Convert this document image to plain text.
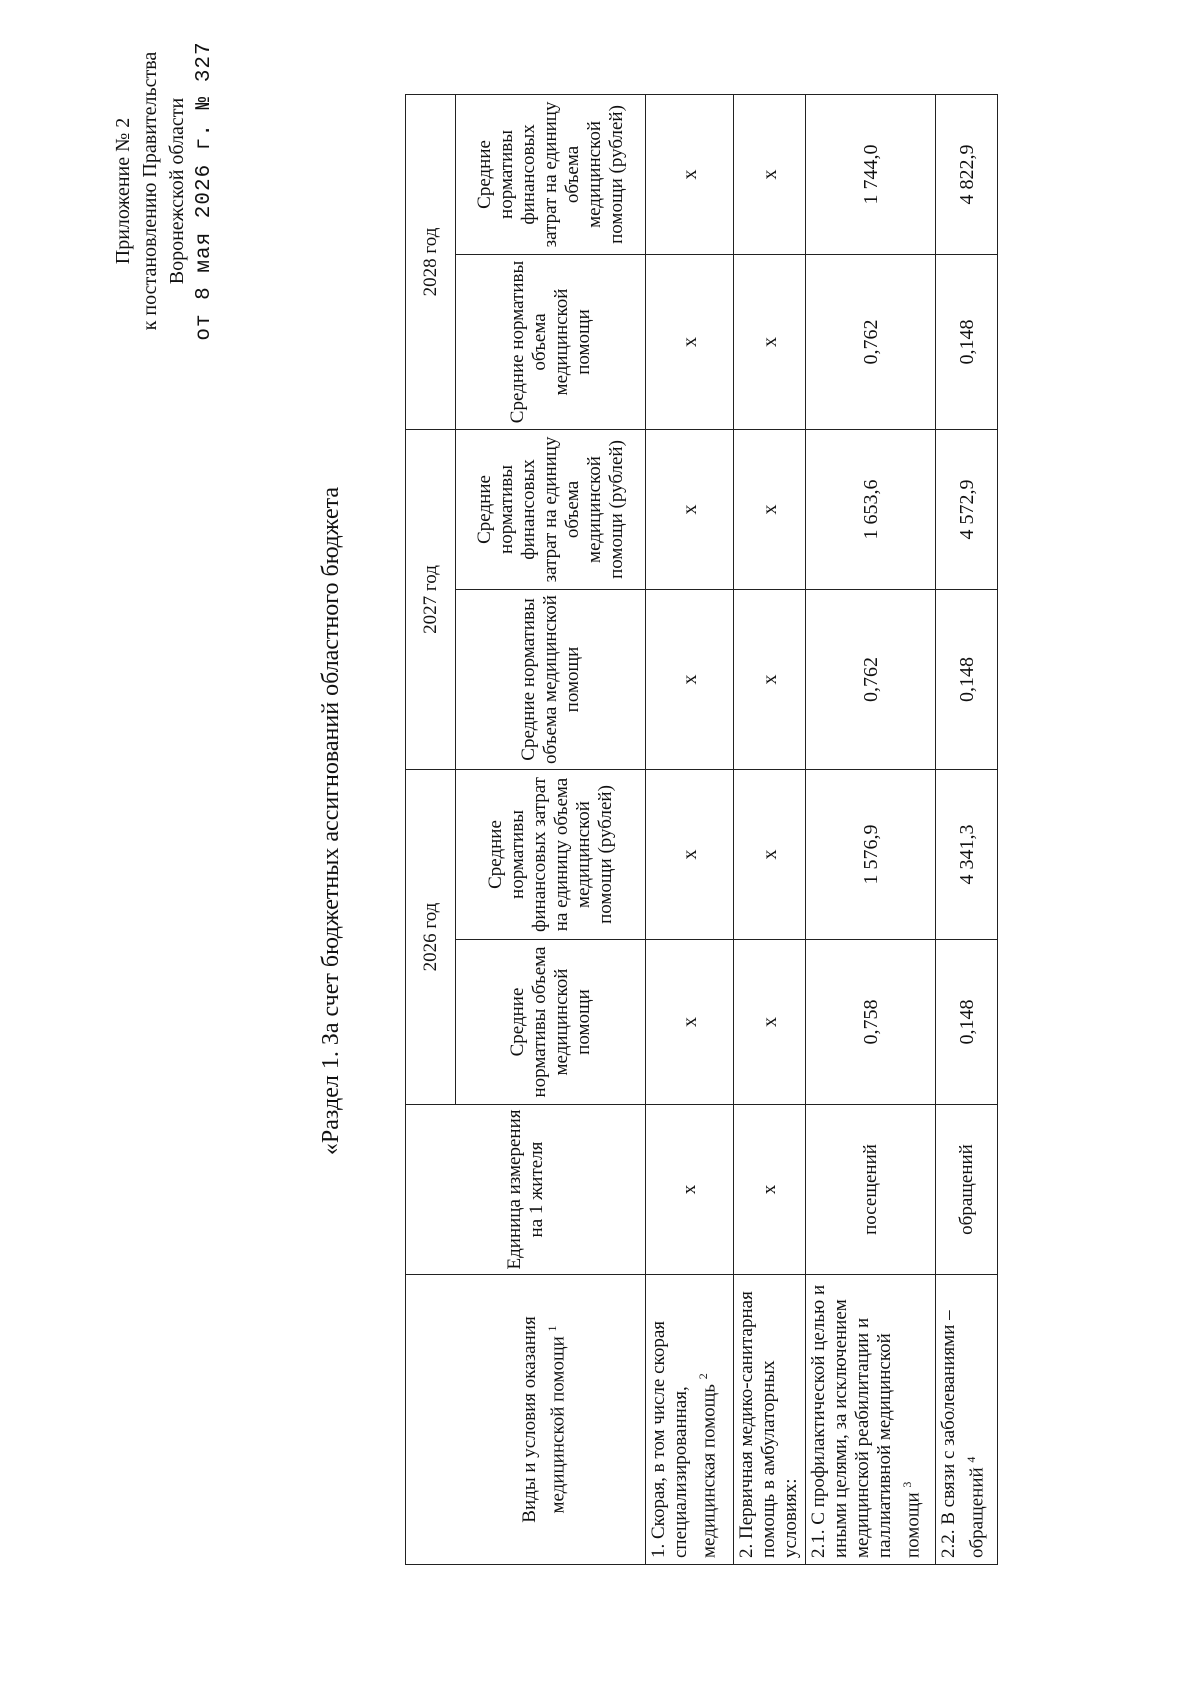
Приложение № 2 к постановлению Правительства Воронежской области от 8 мая 2026 г. № 327
«Раздел 1. За счет бюджетных ассигнований областного бюджета
Виды и условия оказания медицинской помощи $^1$	Единица измерения на 1 жителя	2026 год		2027 год		2028 год	
		Средние нормативы объема медицинской помощи	Средние нормативы финансовых затрат на единицу объема медицинской помощи (рублей)	Средние нормативы объема медицинской помощи	Средние нормативы финансовых затрат на единицу объема медицинской помощи (рублей)	Средние нормативы объема медицинской помощи	Средние нормативы финансовых затрат на единицу объема медицинской помощи (рублей)
1. Скорая, в том числе скорая специализированная, медицинская помощь $^2$	х	х	х	х	х	х	х
2. Первичная медико-санитарная помощь в амбулаторных условиях:	х	х	х	х	х	х	х
2.1. С профилактической целью и иными целями, за исключением медицинской реабилитации и паллиативной медицинской помощи $^3$	посещений	0,758	1 576,9	0,762	1 653,6	0,762	1 744,0
2.2. В связи с заболеваниями – обращений $^4$	обращений	0,148	4 341,3	0,148	4 572,9	0,148	4 822,9
